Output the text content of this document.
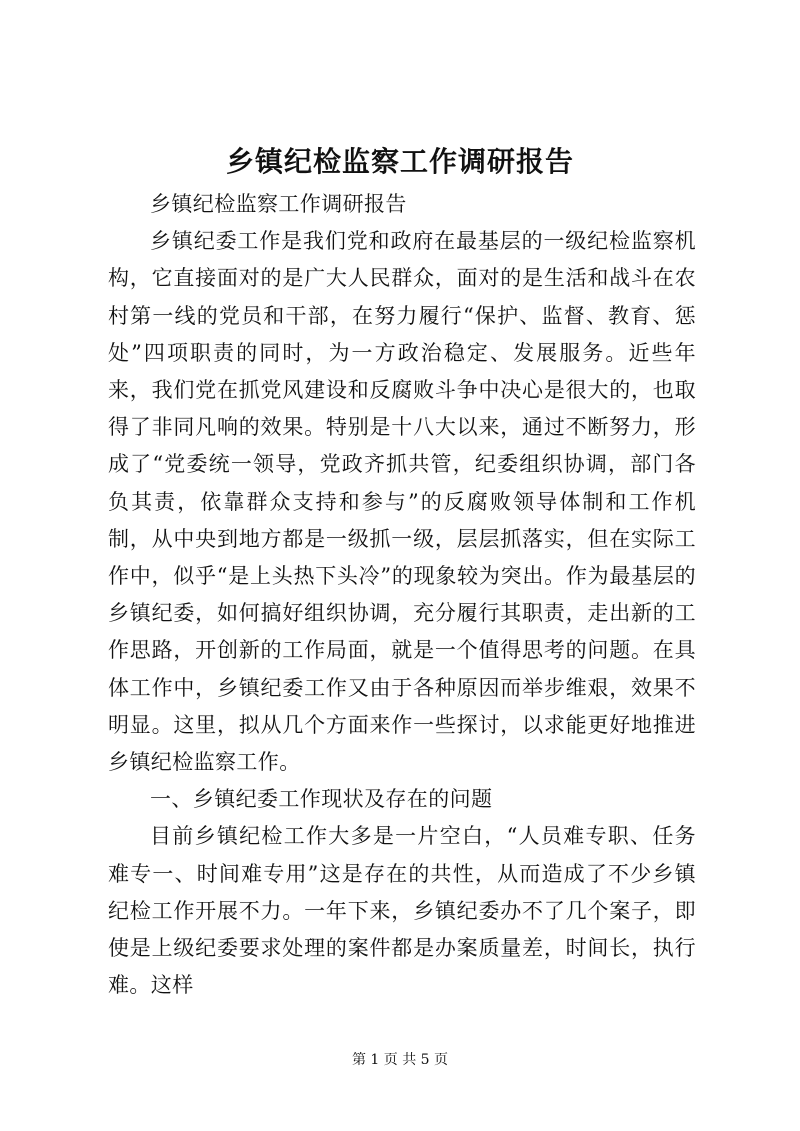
乡镇纪检监察工作调研报告

乡镇纪检监察工作调研报告

乡镇纪委工作是我们党和政府在最基层的一级纪检监察机构，它直接面对的是广大人民群众，面对的是生活和战斗在农村第一线的党员和干部，在努力履行“保护、监督、教育、惩处”四项职责的同时，为一方政治稳定、发展服务。近些年来，我们党在抓党风建设和反腐败斗争中决心是很大的，也取得了非同凡响的效果。特别是十八大以来，通过不断努力，形成了“党委统一领导，党政齐抓共管，纪委组织协调，部门各负其责，依靠群众支持和参与”的反腐败领导体制和工作机制，从中央到地方都是一级抓一级，层层抓落实，但在实际工作中，似乎“是上头热下头冷”的现象较为突出。作为最基层的乡镇纪委，如何搞好组织协调，充分履行其职责，走出新的工作思路，开创新的工作局面，就是一个值得思考的问题。在具体工作中，乡镇纪委工作又由于各种原因而举步维艰，效果不明显。这里，拟从几个方面来作一些探讨，以求能更好地推进乡镇纪检监察工作。

一、乡镇纪委工作现状及存在的问题

目前乡镇纪检工作大多是一片空白，“人员难专职、任务难专一、时间难专用”这是存在的共性，从而造成了不少乡镇纪检工作开展不力。一年下来，乡镇纪委办不了几个案子，即使是上级纪委要求处理的案件都是办案质量差，时间长，执行难。这样

第 1 页 共 5 页
